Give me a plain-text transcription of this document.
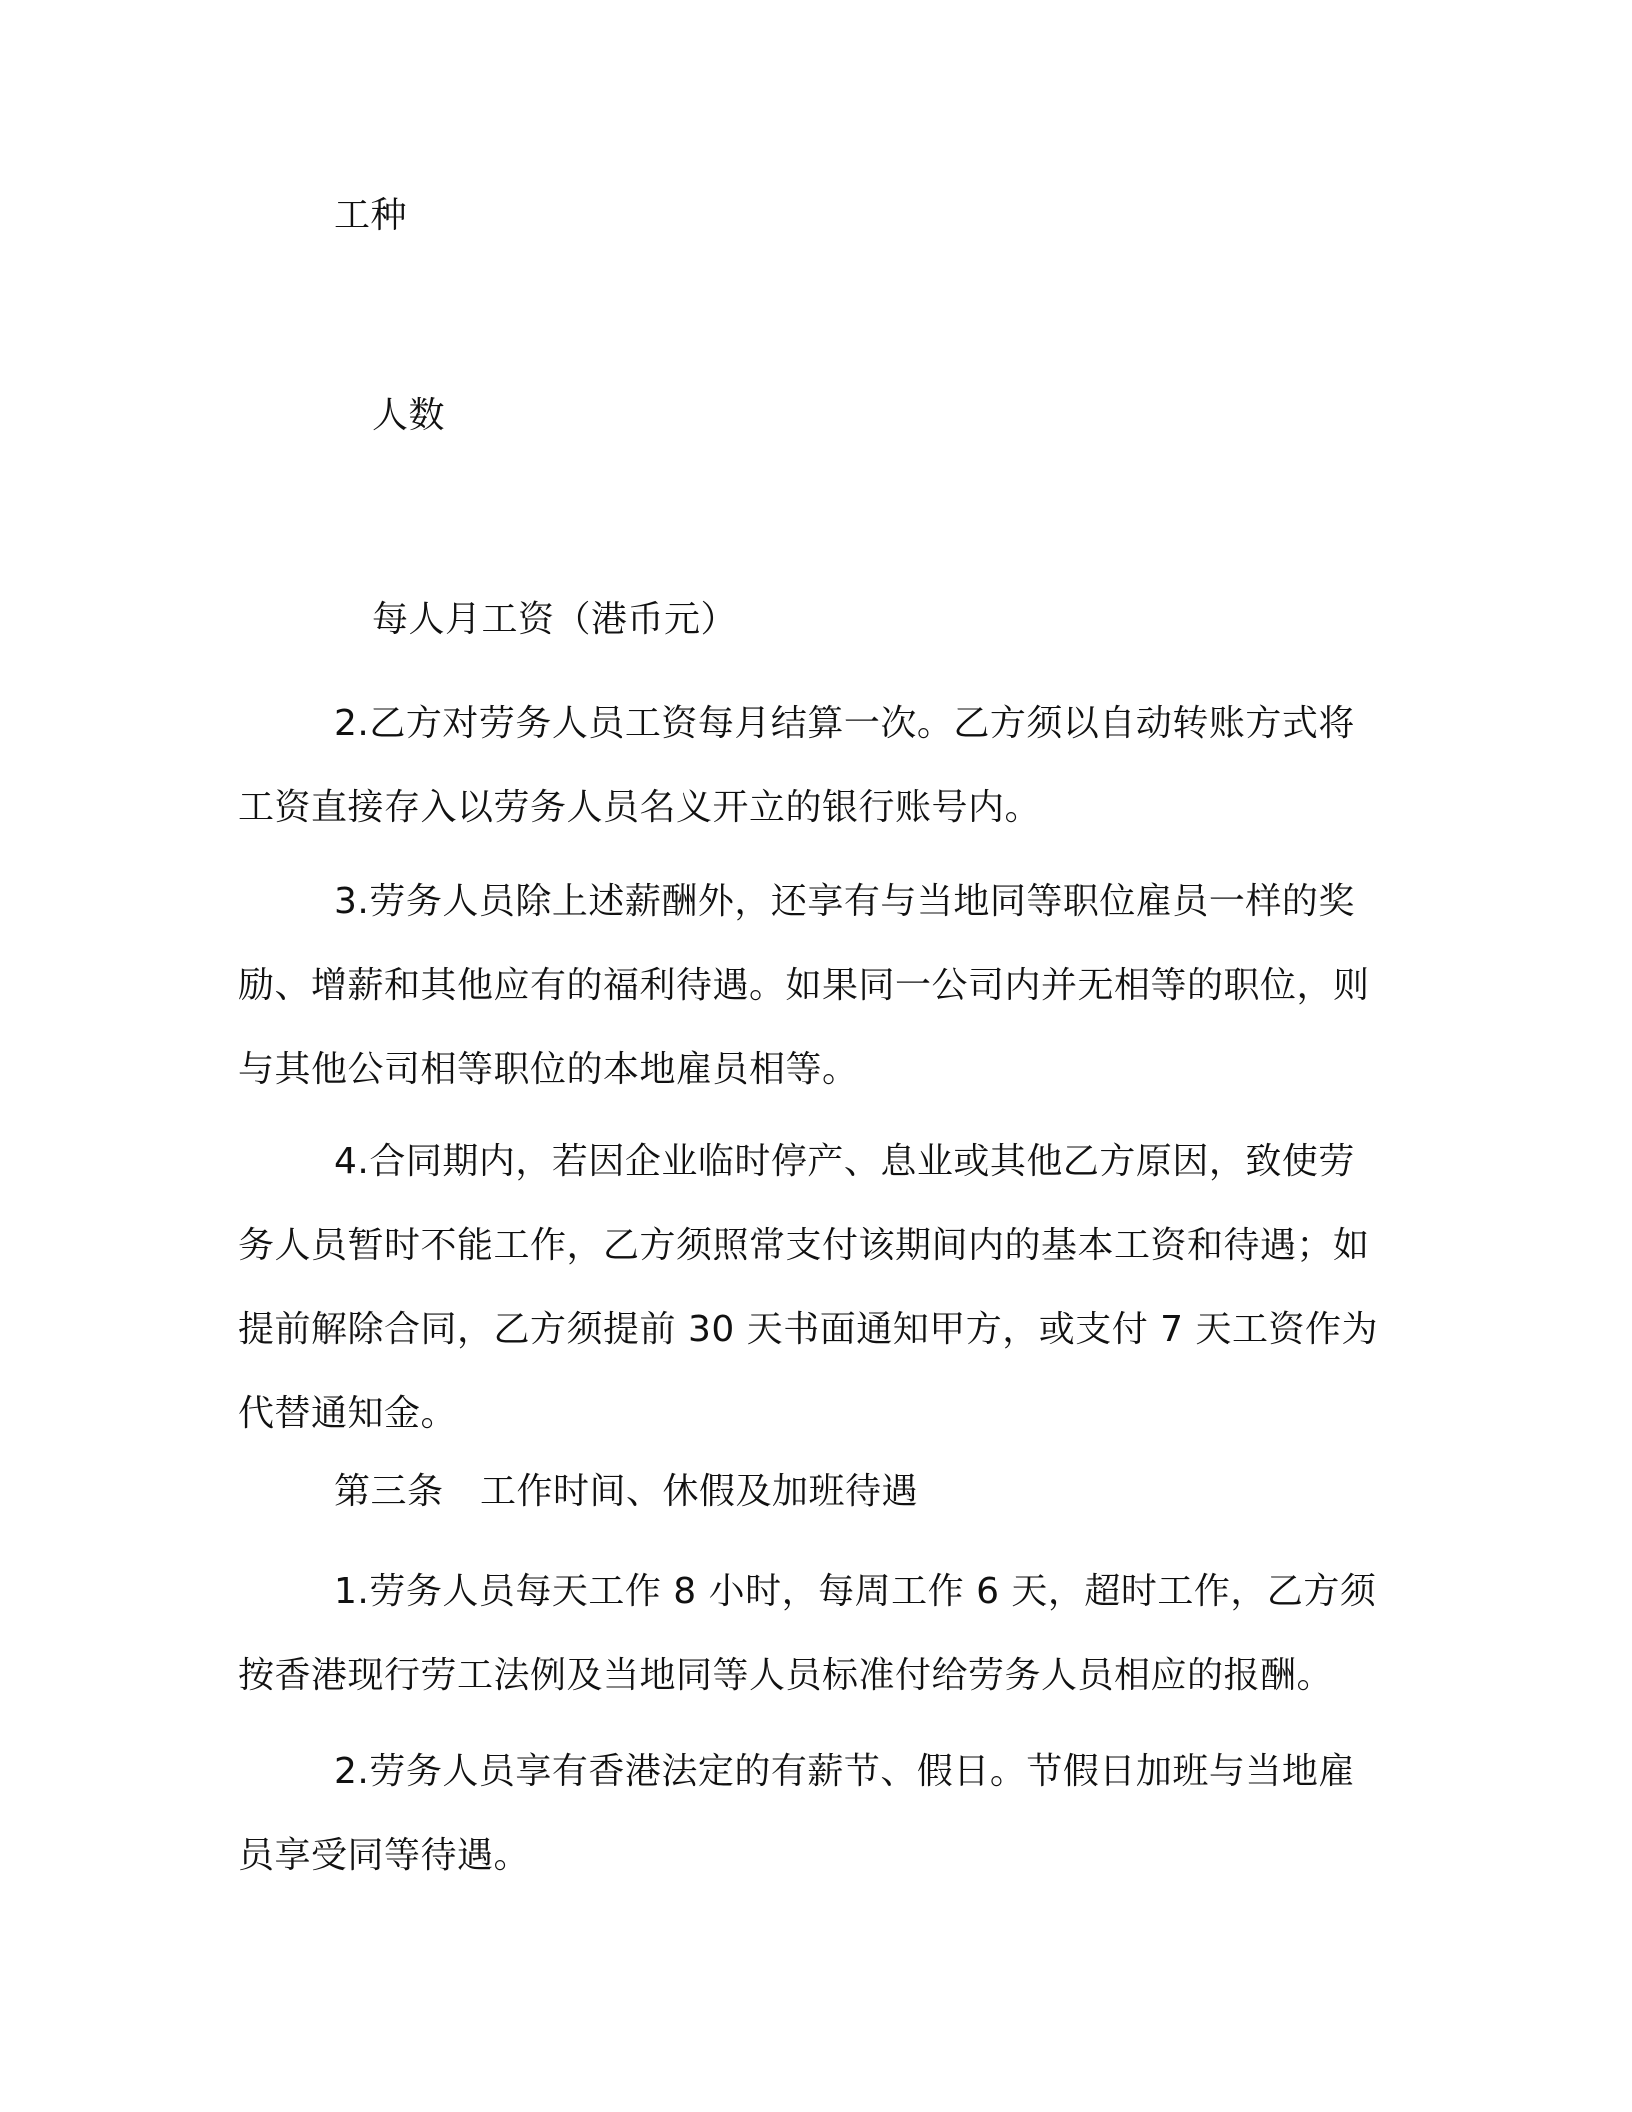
工种

人数

每人月工资（港币元）

2.乙方对劳务人员工资每月结算一次。乙方须以自动转账方式将工资直接存入以劳务人员名义开立的银行账号内。

3.劳务人员除上述薪酬外，还享有与当地同等职位雇员一样的奖励、增薪和其他应有的福利待遇。如果同一公司内并无相等的职位，则与其他公司相等职位的本地雇员相等。

4.合同期内，若因企业临时停产、息业或其他乙方原因，致使劳务人员暂时不能工作，乙方须照常支付该期间内的基本工资和待遇；如提前解除合同，乙方须提前 30 天书面通知甲方，或支付 7 天工资作为代替通知金。

第三条　工作时间、休假及加班待遇

1.劳务人员每天工作 8 小时，每周工作 6 天，超时工作，乙方须按香港现行劳工法例及当地同等人员标准付给劳务人员相应的报酬。

2.劳务人员享有香港法定的有薪节、假日。节假日加班与当地雇员享受同等待遇。
